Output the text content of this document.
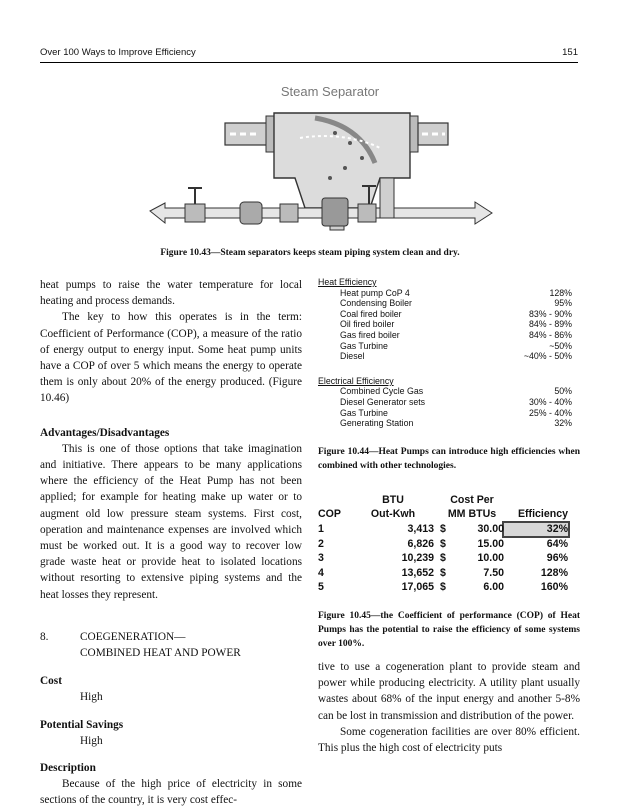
Over 100 Ways to Improve Efficiency	151
Steam Separator
Figure 10.43—Steam separators keeps steam piping system clean and dry.

heat pumps to raise the water temperature for local heating and process demands.

The key to how this operates is in the term: Coefficient of Performance (COP), a measure of the ratio of energy output to energy input. Some heat pump units have a COP of over 5 which means the energy to operate them is only about 20% of the energy produced. (Figure 10.46)

Advantages/Disadvantages

This is one of those options that take imagination and initiative. There appears to be many applications where the efficiency of the Heat Pump has not been applied; for example for heating make up water or to augment old low pressure steam systems. First cost, operation and maintenance expenses are involved which must be worked out. It is a good way to recover low grade waste heat or provide heat to isolated locations without resorting to extensive piping systems and the heat losses they represent.

8.	COEGENERATION—

COMBINED HEAT AND POWER

Cost

High

Potential Savings

High

Description

Because of the high price of electricity in some sections of the country, it is very cost effec-

Heat Efficiency
Heat pump CoP 4	128%
Condensing Boiler	95%
Coal fired boiler	83% - 90%
Oil fired boiler	84% - 89%
Gas fired boiler	84% - 86%
Gas Turbine	~50%
Diesel	~40% - 50%
Electrical Efficiency
Combined Cycle Gas	50%
Diesel Generator sets	30% - 40%
Gas Turbine	25% - 40%
Generating Station	32%

Figure 10.44—Heat Pumps can introduce high efficiencies when combined with other technologies.

BTU	Cost Per
COP	Out-Kwh	MM BTUs	Efficiency
1	3,413 $	30.00	32%
2	6,826 $	15.00	64%
3	10,239 $	10.00	96%
4	13,652 $	7.50	128%
5	17,065 $	6.00	160%

Figure 10.45—the Coefficient of performance (COP) of Heat Pumps has the potential to raise the efficiency of some systems over 100%.

tive to use a cogeneration plant to provide steam and power while producing electricity. A utility plant usually wastes about 68% of the input energy and another 5-8% can be lost in transmission and distribution of the power.

Some cogeneration facilities are over 80% efficient. This plus the high cost of electricity puts
